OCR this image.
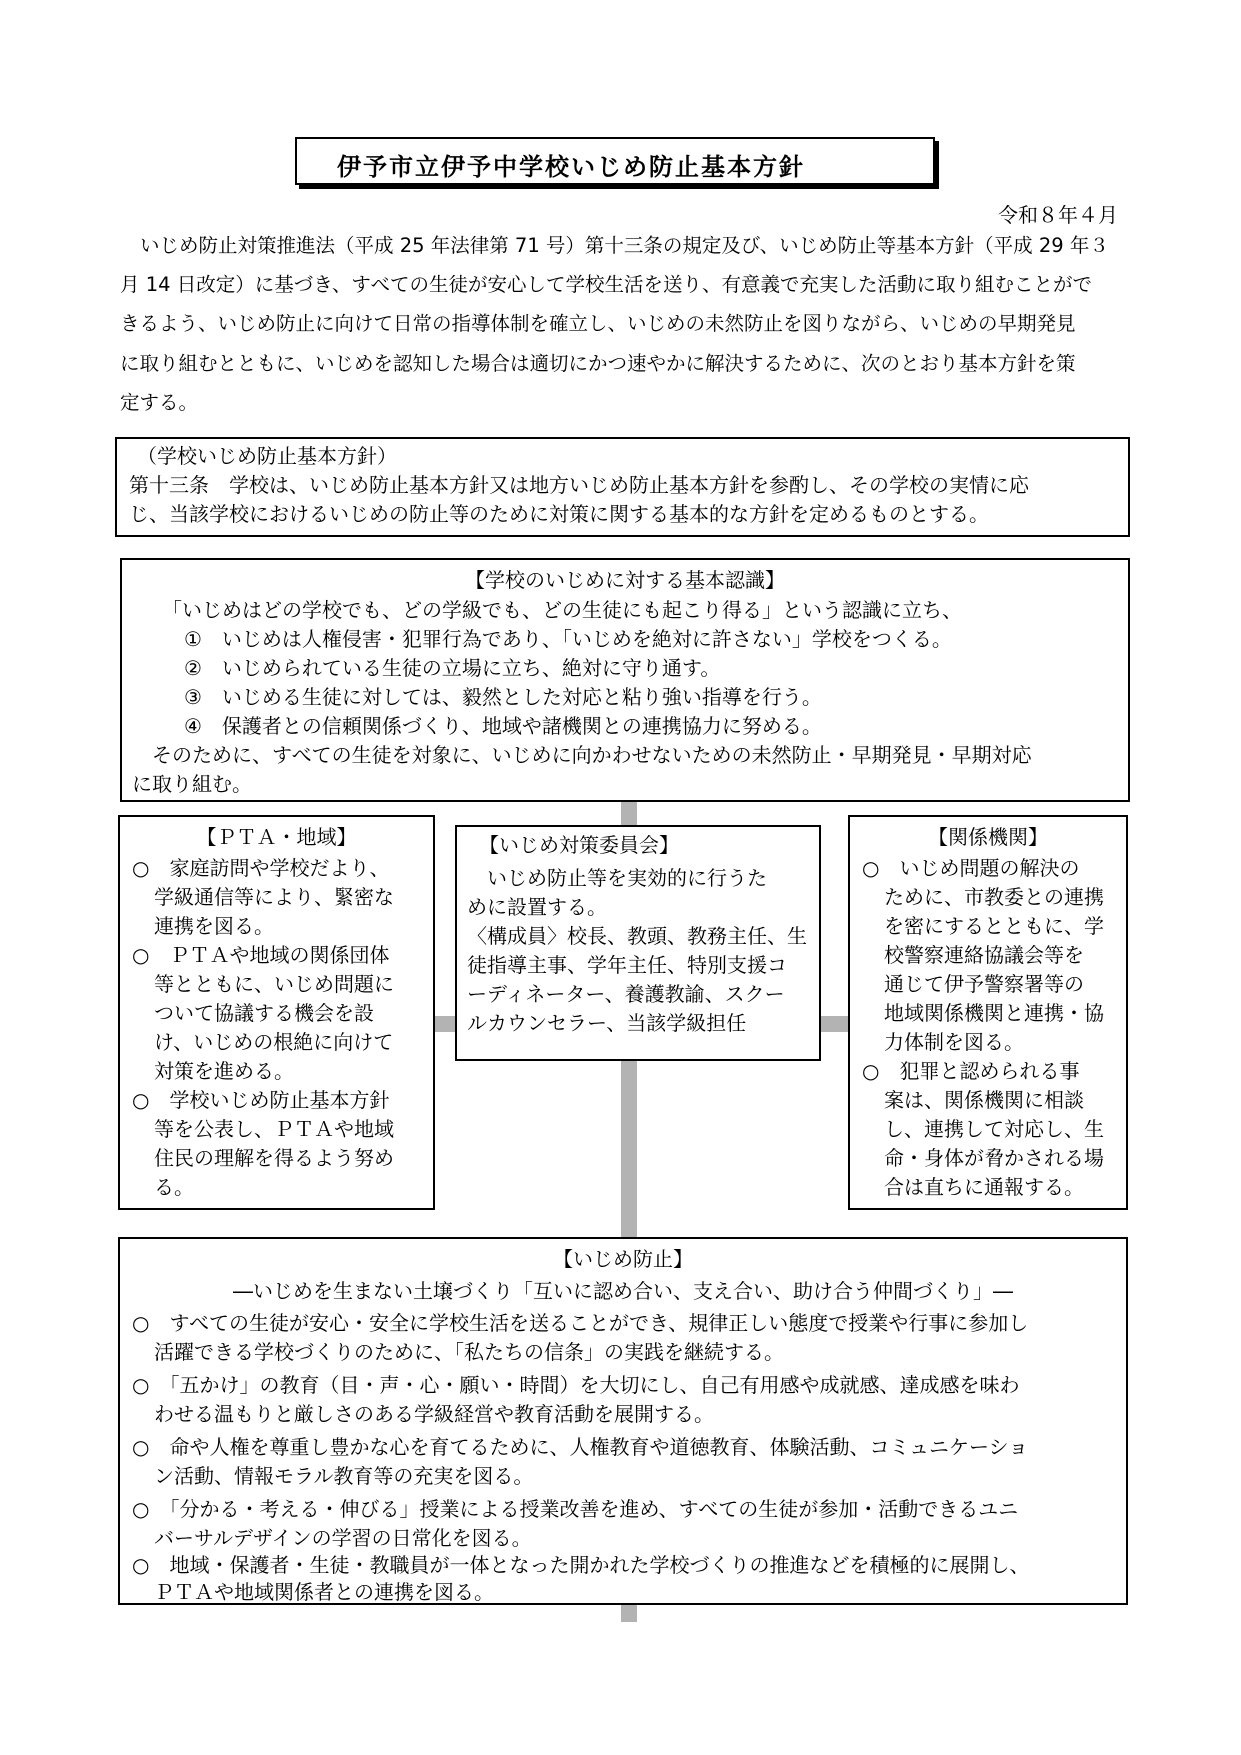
伊予市立伊予中学校いじめ防止基本方針
令和８年４月
いじめ防止対策推進法（平成 25 年法律第 71 号）第十三条の規定及び、いじめ防止等基本方針（平成 29 年３
月 14 日改定）に基づき、すべての生徒が安心して学校生活を送り、有意義で充実した活動に取り組むことがで
きるよう、いじめ防止に向けて日常の指導体制を確立し、いじめの未然防止を図りながら、いじめの早期発見
に取り組むとともに、いじめを認知した場合は適切にかつ速やかに解決するために、次のとおり基本方針を策
定する。
（学校いじめ防止基本方針）
第十三条　学校は、いじめ防止基本方針又は地方いじめ防止基本方針を参酌し、その学校の実情に応
じ、当該学校におけるいじめの防止等のために対策に関する基本的な方針を定めるものとする。
【学校のいじめに対する基本認識】
「いじめはどの学校でも、どの学級でも、どの生徒にも起こり得る」という認識に立ち、
①　いじめは人権侵害・犯罪行為であり、「いじめを絶対に許さない」学校をつくる。
②　いじめられている生徒の立場に立ち、絶対に守り通す。
③　いじめる生徒に対しては、毅然とした対応と粘り強い指導を行う。
④　保護者との信頼関係づくり、地域や諸機関との連携協力に努める。
そのために、すべての生徒を対象に、いじめに向かわせないための未然防止・早期発見・早期対応
に取り組む。
【ＰＴＡ・地域】
○　家庭訪問や学校だより、
学級通信等により、緊密な
連携を図る。
○　ＰＴＡや地域の関係団体
等とともに、いじめ問題に
ついて協議する機会を設
け、いじめの根絶に向けて
対策を進める。
○　学校いじめ防止基本方針
等を公表し、ＰＴＡや地域
住民の理解を得るよう努め
る。
【いじめ対策委員会】
いじめ防止等を実効的に行うた
めに設置する。
〈構成員〉校長、教頭、教務主任、生
徒指導主事、学年主任、特別支援コ
ーディネーター、養護教諭、スクー
ルカウンセラー、当該学級担任
【関係機関】
○　いじめ問題の解決の
ために、市教委との連携
を密にするとともに、学
校警察連絡協議会等を
通じて伊予警察署等の
地域関係機関と連携・協
力体制を図る。
○　犯罪と認められる事
案は、関係機関に相談
し、連携して対応し、生
命・身体が脅かされる場
合は直ちに通報する。
【いじめ防止】
―いじめを生まない土壌づくり「互いに認め合い、支え合い、助け合う仲間づくり」―
○　すべての生徒が安心・安全に学校生活を送ることができ、規律正しい態度で授業や行事に参加し
活躍できる学校づくりのために、「私たちの信条」の実践を継続する。
○　「五かけ」の教育（目・声・心・願い・時間）を大切にし、自己有用感や成就感、達成感を味わ
わせる温もりと厳しさのある学級経営や教育活動を展開する。
○　命や人権を尊重し豊かな心を育てるために、人権教育や道徳教育、体験活動、コミュニケーショ
ン活動、情報モラル教育等の充実を図る。
○　「分かる・考える・伸びる」授業による授業改善を進め、すべての生徒が参加・活動できるユニ
バーサルデザインの学習の日常化を図る。
○　地域・保護者・生徒・教職員が一体となった開かれた学校づくりの推進などを積極的に展開し、
ＰＴＡや地域関係者との連携を図る。
